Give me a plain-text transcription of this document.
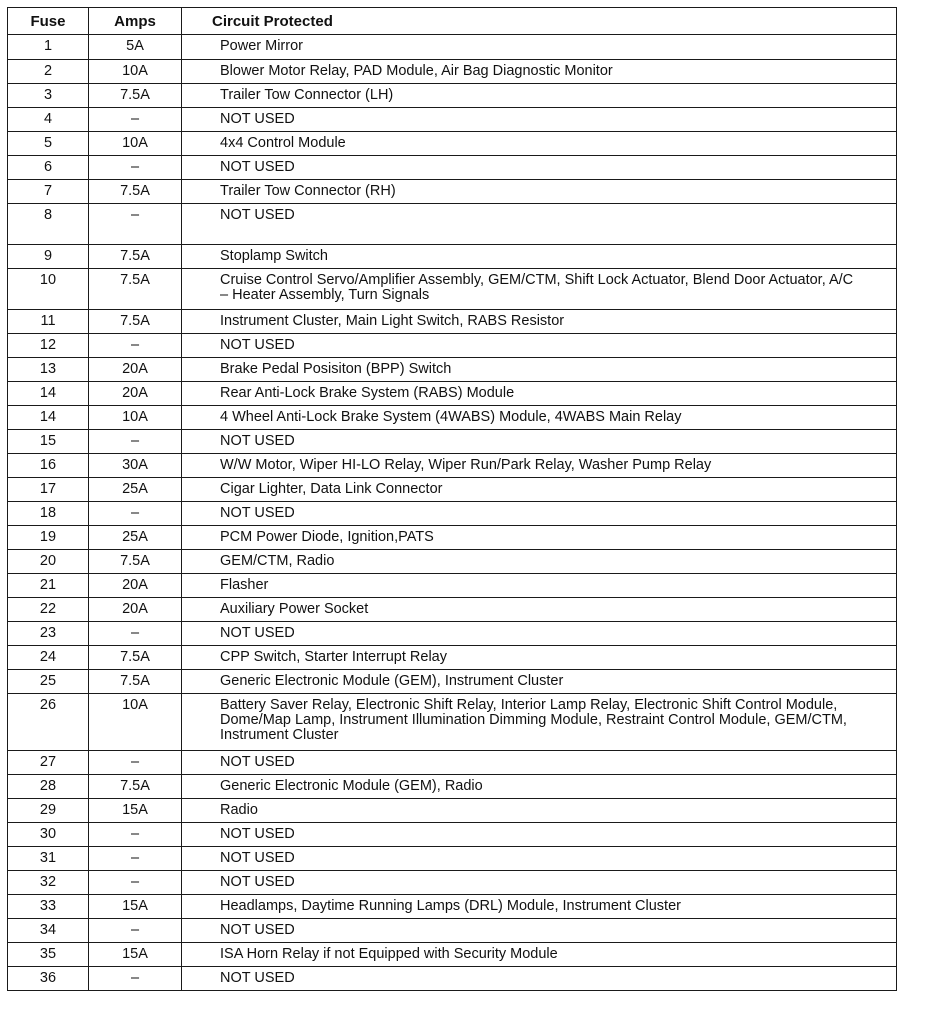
Fuse	Amps	Circuit Protected
1	5A	Power Mirror
2	10A	Blower Motor Relay, PAD Module, Air Bag Diagnostic Monitor
3	7.5A	Trailer Tow Connector (LH)
4	–	NOT USED
5	10A	4x4 Control Module
6	–	NOT USED
7	7.5A	Trailer Tow Connector (RH)
8	–	NOT USED
9	7.5A	Stoplamp Switch
10	7.5A	Cruise Control Servo/Amplifier Assembly, GEM/CTM, Shift Lock Actuator, Blend Door Actuator, A/C – Heater Assembly, Turn Signals
11	7.5A	Instrument Cluster, Main Light Switch, RABS Resistor
12	–	NOT USED
13	20A	Brake Pedal Posisiton (BPP) Switch
14	20A	Rear Anti-Lock Brake System (RABS) Module
14	10A	4 Wheel Anti-Lock Brake System (4WABS) Module, 4WABS Main Relay
15	–	NOT USED
16	30A	W/W Motor, Wiper HI-LO Relay, Wiper Run/Park Relay, Washer Pump Relay
17	25A	Cigar Lighter, Data Link Connector
18	–	NOT USED
19	25A	PCM Power Diode, Ignition,PATS
20	7.5A	GEM/CTM, Radio
21	20A	Flasher
22	20A	Auxiliary Power Socket
23	–	NOT USED
24	7.5A	CPP Switch, Starter Interrupt Relay
25	7.5A	Generic Electronic Module (GEM), Instrument Cluster
26	10A	Battery Saver Relay, Electronic Shift Relay, Interior Lamp Relay, Electronic Shift Control Module, Dome/Map Lamp, Instrument Illumination Dimming Module, Restraint Control Module, GEM/CTM, Instrument Cluster
27	–	NOT USED
28	7.5A	Generic Electronic Module (GEM), Radio
29	15A	Radio
30	–	NOT USED
31	–	NOT USED
32	–	NOT USED
33	15A	Headlamps, Daytime Running Lamps (DRL) Module, Instrument Cluster
34	–	NOT USED
35	15A	ISA Horn Relay if not Equipped with Security Module
36	–	NOT USED
